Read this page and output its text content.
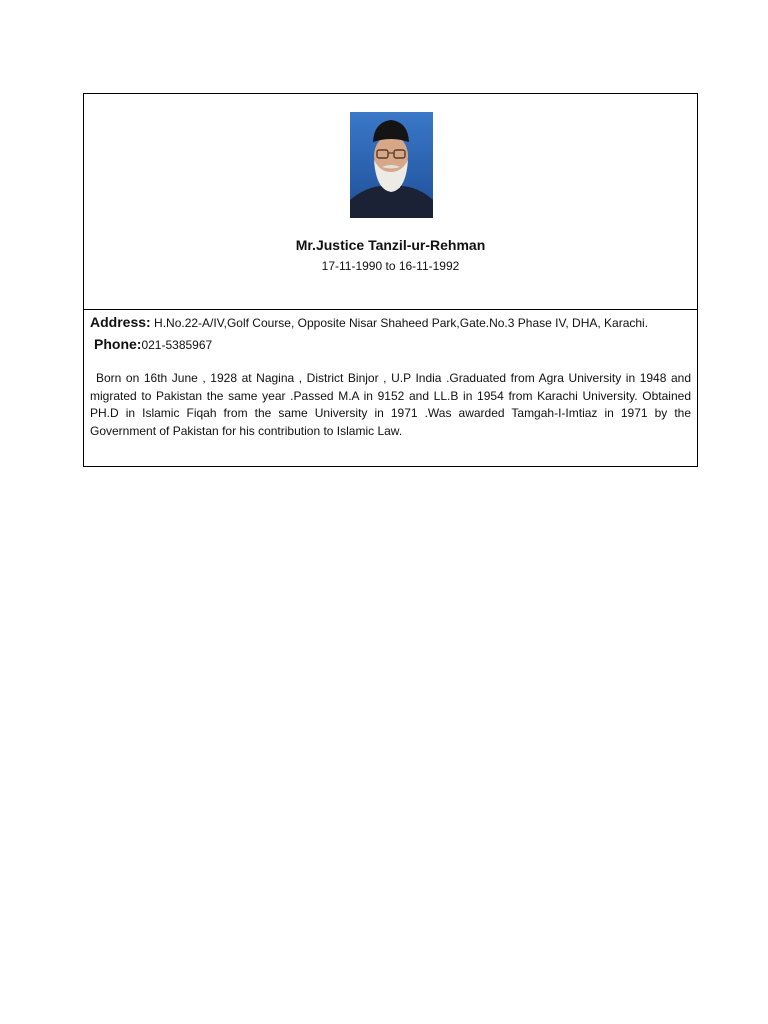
Mr.Justice Tanzil-ur-Rehman
17-11-1990 to 16-11-1992
Address: H.No.22-A/IV,Golf Course, Opposite Nisar Shaheed Park,Gate.No.3 Phase IV, DHA, Karachi.
Phone:021-5385967
Born on 16th June , 1928 at Nagina , District Binjor , U.P India .Graduated from Agra University in 1948 and migrated to Pakistan the same year .Passed M.A in 9152 and LL.B in 1954 from Karachi University. Obtained PH.D in Islamic Fiqah from the same University in 1971 .Was awarded Tamgah-I-Imtiaz in 1971 by the Government of Pakistan for his contribution to Islamic Law.
